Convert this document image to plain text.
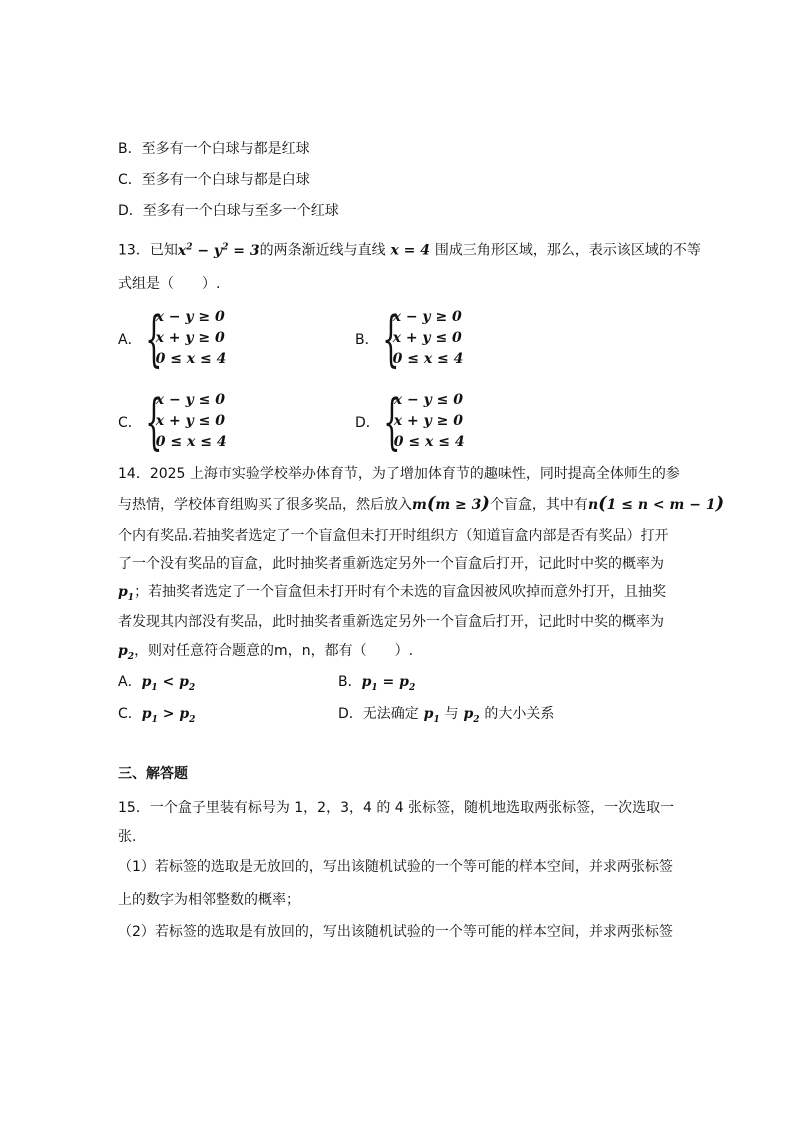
B．至多有一个白球与都是红球
C．至多有一个白球与都是白球
D．至多有一个白球与至多一个红球
13．已知$x^2 - y^2 = 3$的两条渐近线与直线 x = 4 围成三角形区域，那么，表示该区域的不等
式组是（　　）.
A． {
x − y ≥ 0
x + y ≥ 0
0 ≤ x ≤ 4
B． {
x − y ≥ 0
x + y ≤ 0
0 ≤ x ≤ 4
C． {
x − y ≤ 0
x + y ≤ 0
0 ≤ x ≤ 4
D． {
x − y ≤ 0
x + y ≥ 0
0 ≤ x ≤ 4
14．2025 上海市实验学校举办体育节，为了增加体育节的趣味性，同时提高全体师生的参
与热情，学校体育组购买了很多奖品，然后放入m(m ≥ 3)个盲盒，其中有n(1 ≤ n < m − 1)
个内有奖品.若抽奖者选定了一个盲盒但未打开时组织方（知道盲盒内部是否有奖品）打开
了一个没有奖品的盲盒，此时抽奖者重新选定另外一个盲盒后打开，记此时中奖的概率为
$p_1$；若抽奖者选定了一个盲盒但未打开时有个未选的盲盒因被风吹掉而意外打开，且抽奖
者发现其内部没有奖品，此时抽奖者重新选定另外一个盲盒后打开，记此时中奖的概率为
$p_2$，则对任意符合题意的m，n，都有（　　）.
A．$p_1 < p_2$	B．$p_1 = p_2$
C．$p_1 > p_2$	D．无法确定 $p_1$ 与 $p_2$ 的大小关系
三、解答题
15．一个盒子里装有标号为 1，2，3，4 的 4 张标签，随机地选取两张标签，一次选取一
张.
（1）若标签的选取是无放回的，写出该随机试验的一个等可能的样本空间，并求两张标签
上的数字为相邻整数的概率；
（2）若标签的选取是有放回的，写出该随机试验的一个等可能的样本空间，并求两张标签
